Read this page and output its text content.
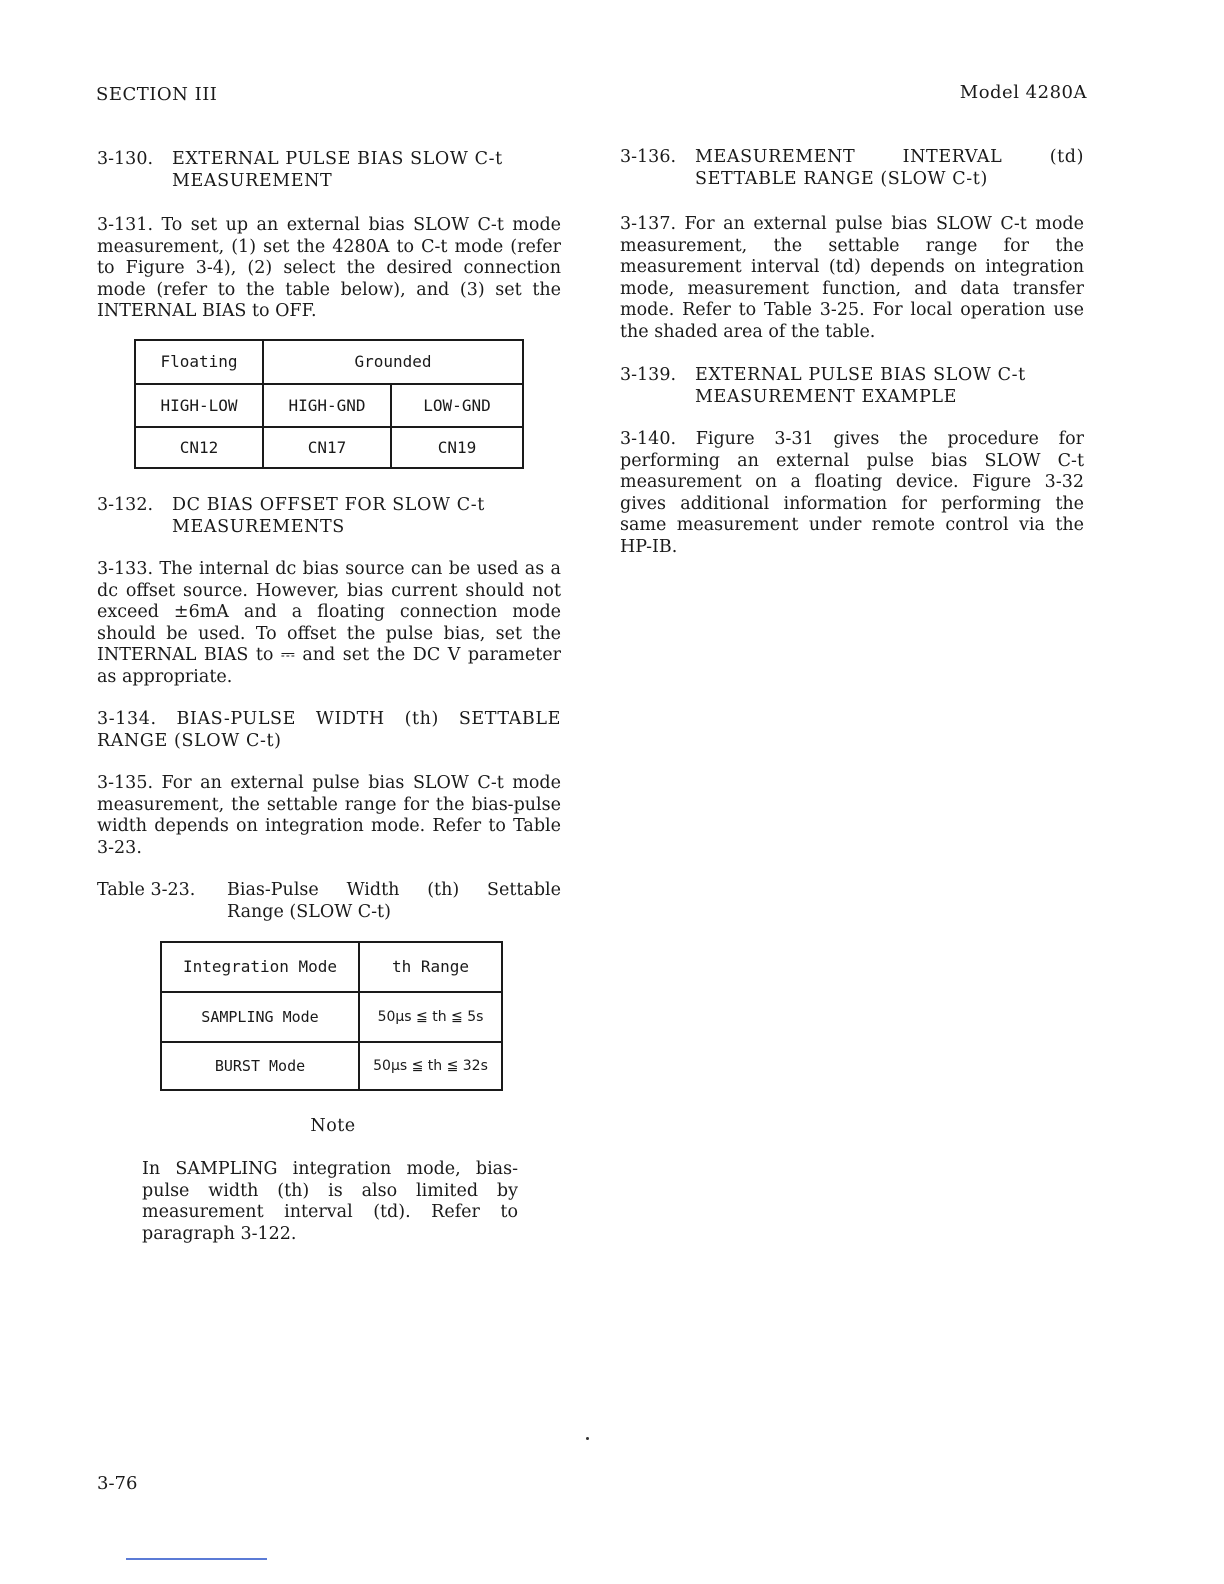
SECTION III	Model 4280A
3-130.	EXTERNAL PULSE BIAS SLOW C-t
MEASUREMENT
3-131. To set up an external bias SLOW C-t mode measurement, (1) set the 4280A to C-t mode (refer to Figure 3-4), (2) select the desired connection mode (refer to the table below), and (3) set the INTERNAL BIAS to OFF.
Floating	Grounded	
HIGH-LOW	HIGH-GND	LOW-GND
CN12	CN17	CN19
3-132.	DC BIAS OFFSET FOR SLOW C-t
MEASUREMENTS
3-133. The internal dc bias source can be used as a dc offset source. However, bias current should not exceed ±6mA and a floating connection mode should be used. To offset the pulse bias, set the INTERNAL BIAS to ⎓ and set the DC V parameter as appropriate.
3-134. BIAS-PULSE WIDTH (th) SETTABLE
RANGE (SLOW C-t)
3-135. For an external pulse bias SLOW C-t mode measurement, the settable range for the bias-pulse width depends on integration mode. Refer to Table 3-23.
Table 3-23.	Bias-Pulse Width (th) Settable
Range (SLOW C-t)
Integration Mode	th Range
SAMPLING Mode	50μs ≦ th ≦ 5s
BURST Mode	50μs ≦ th ≦ 32s
Note
In SAMPLING integration mode, bias-pulse width (th) is also limited by measurement interval (td). Refer to paragraph 3-122.
3-136.	MEASUREMENT INTERVAL (td)
SETTABLE RANGE (SLOW C-t)
3-137. For an external pulse bias SLOW C-t mode measurement, the settable range for the measurement interval (td) depends on integration mode, measurement function, and data transfer mode. Refer to Table 3-25. For local operation use the shaded area of the table.
3-139.	EXTERNAL PULSE BIAS SLOW C-t
MEASUREMENT EXAMPLE
3-140. Figure 3-31 gives the procedure for performing an external pulse bias SLOW C-t measurement on a floating device. Figure 3-32 gives additional information for performing the same measurement under remote control via the HP-IB.
3-76
